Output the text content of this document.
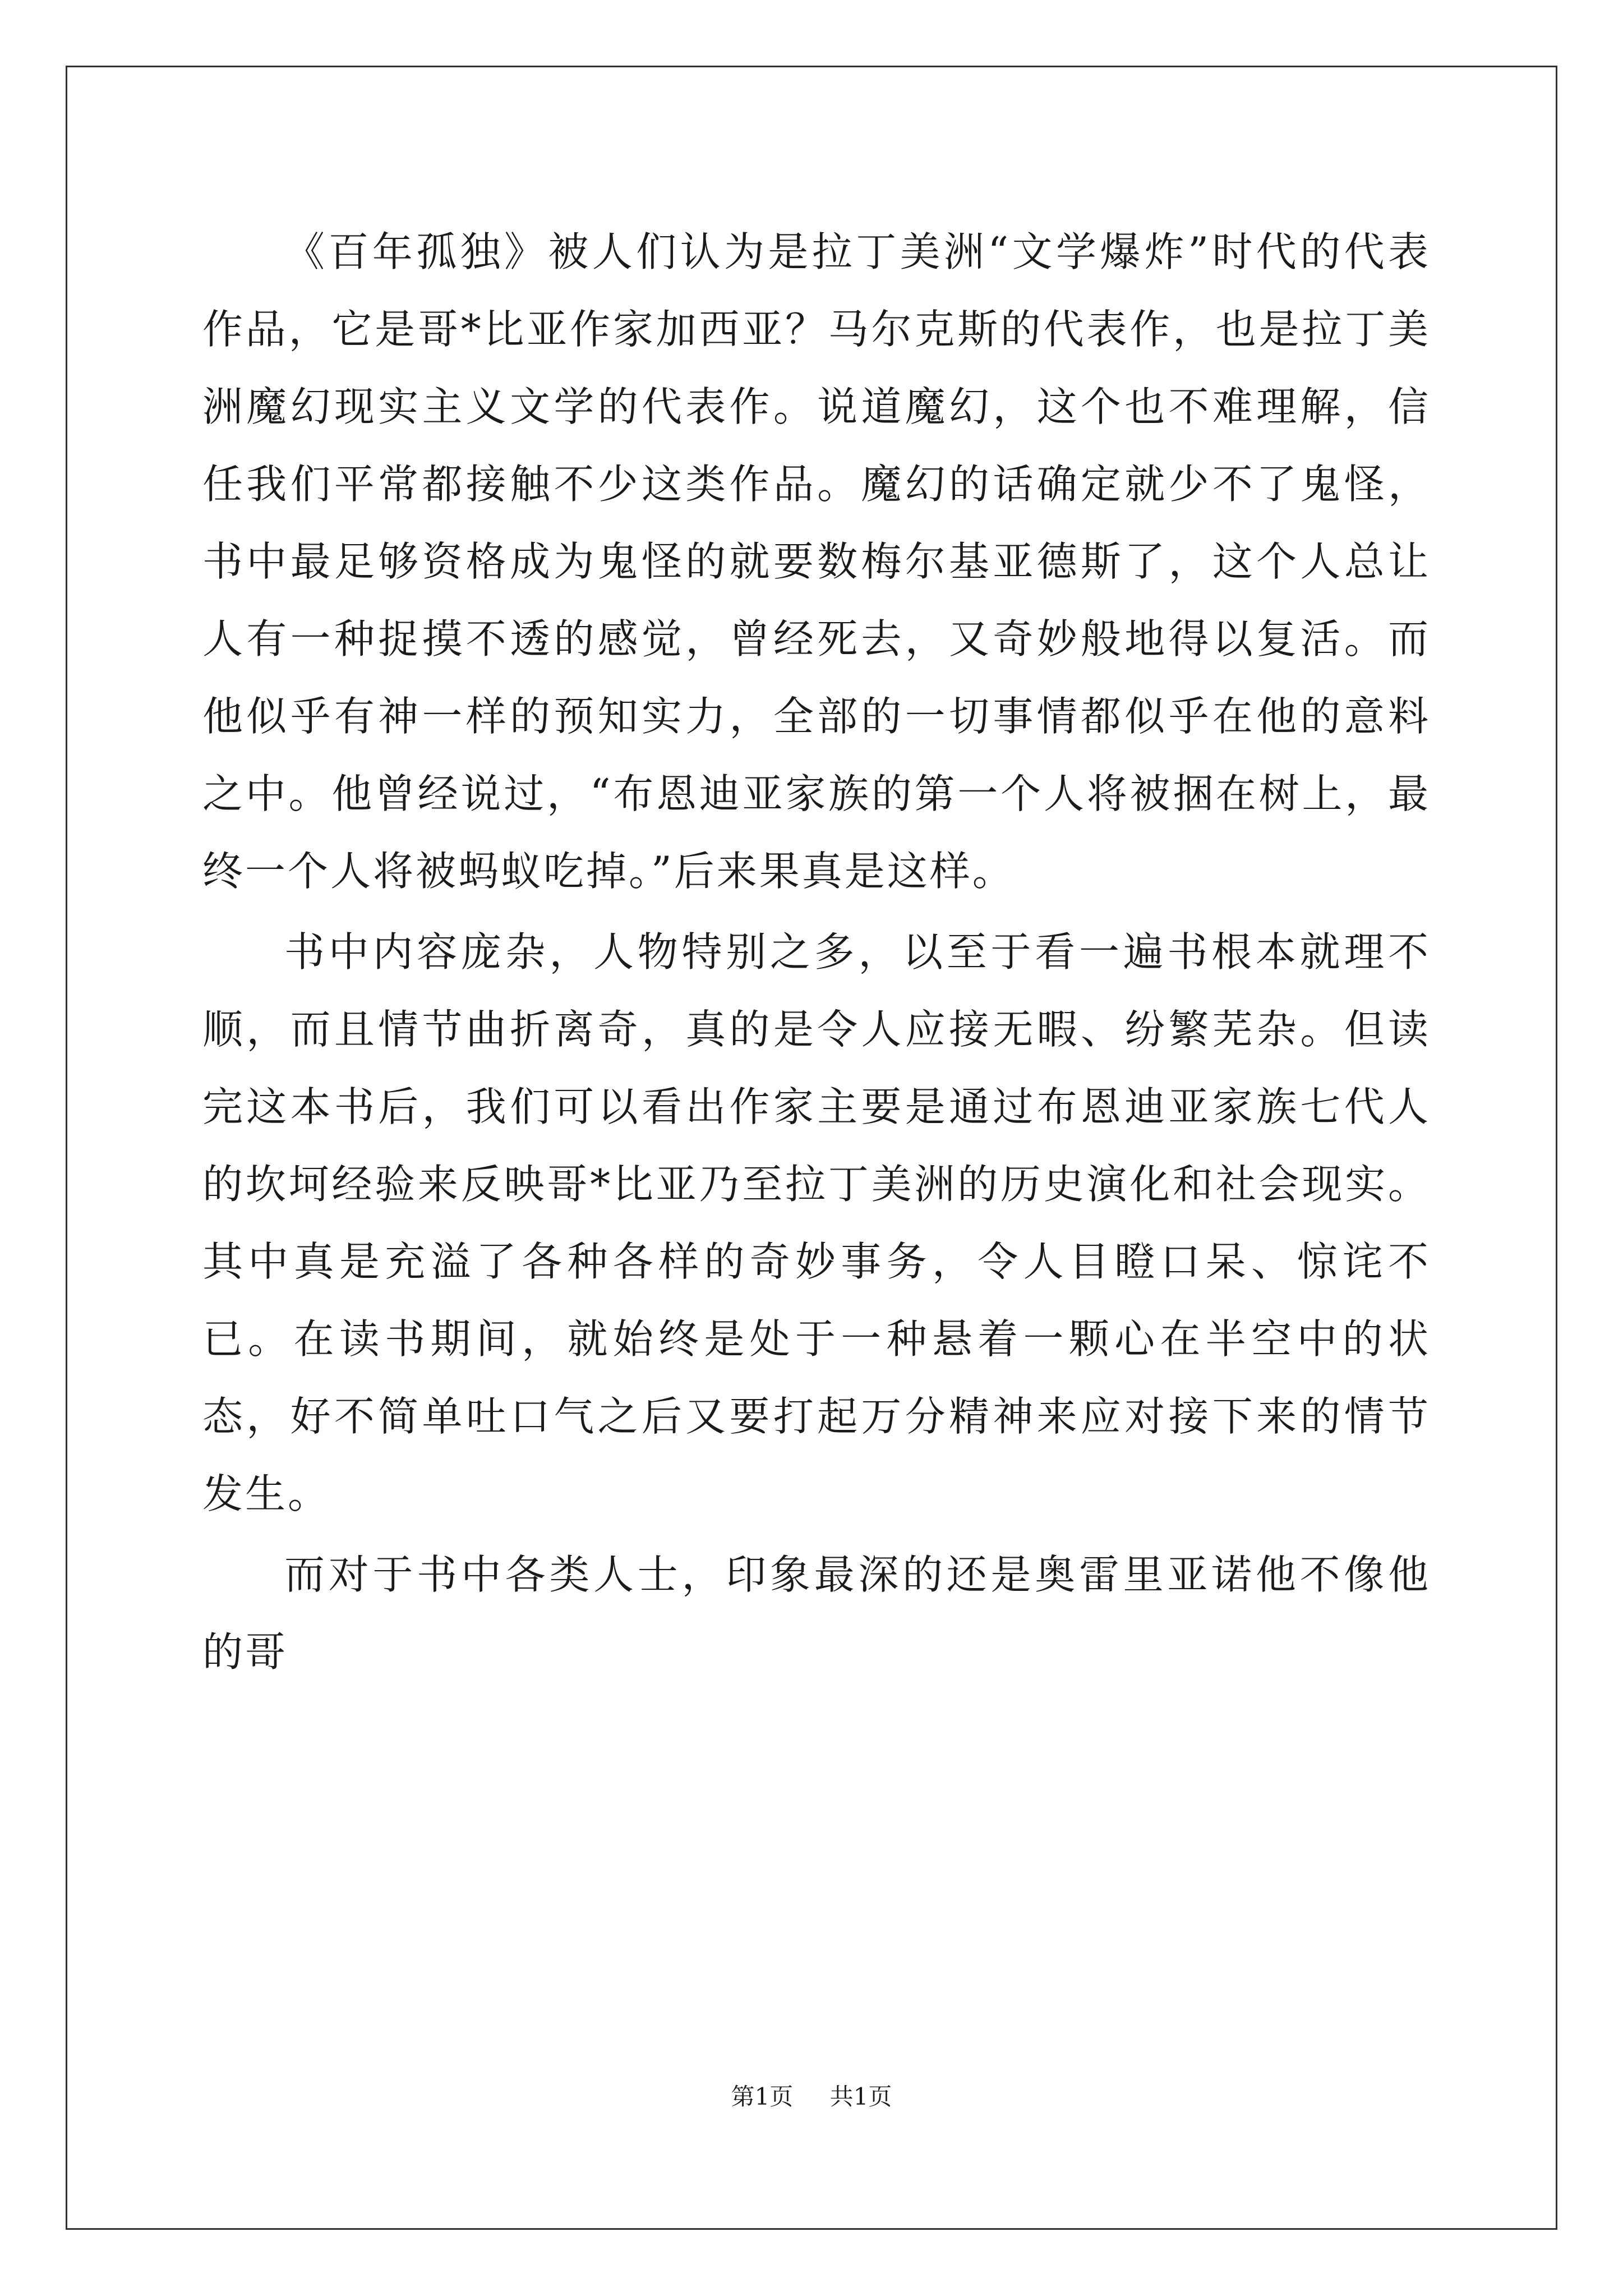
《百年孤独》被人们认为是拉丁美洲“文学爆炸”时代的代表作品，它是哥*比亚作家加西亚？马尔克斯的代表作，也是拉丁美洲魔幻现实主义文学的代表作。说道魔幻，这个也不难理解，信任我们平常都接触不少这类作品。魔幻的话确定就少不了鬼怪，书中最足够资格成为鬼怪的就要数梅尔基亚德斯了，这个人总让人有一种捉摸不透的感觉，曾经死去，又奇妙般地得以复活。而他似乎有神一样的预知实力，全部的一切事情都似乎在他的意料之中。他曾经说过，“布恩迪亚家族的第一个人将被捆在树上，最终一个人将被蚂蚁吃掉。”后来果真是这样。

书中内容庞杂，人物特别之多，以至于看一遍书根本就理不顺，而且情节曲折离奇，真的是令人应接无暇、纷繁芜杂。但读完这本书后，我们可以看出作家主要是通过布恩迪亚家族七代人的坎坷经验来反映哥*比亚乃至拉丁美洲的历史演化和社会现实。其中真是充溢了各种各样的奇妙事务，令人目瞪口呆、惊诧不已。在读书期间，就始终是处于一种悬着一颗心在半空中的状态，好不简单吐口气之后又要打起万分精神来应对接下来的情节发生。

而对于书中各类人士，印象最深的还是奥雷里亚诺他不像他的哥

第1页 共1页
